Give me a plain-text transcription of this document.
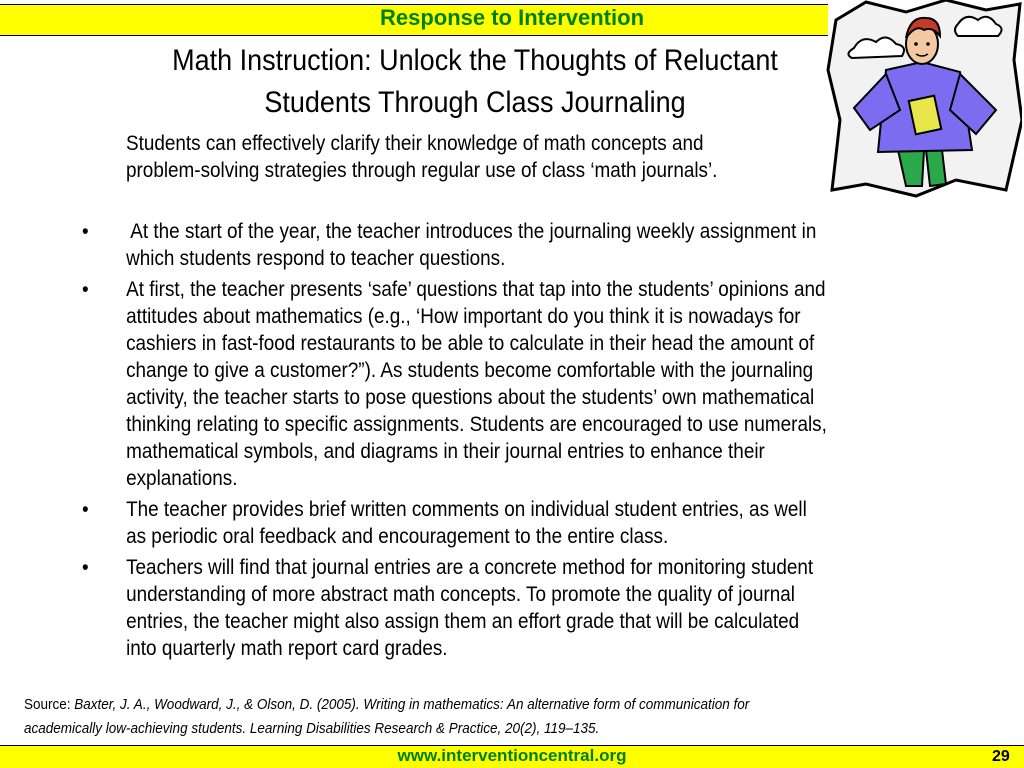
Response to Intervention
Math Instruction: Unlock the Thoughts of Reluctant
Students Through Class Journaling
Students can effectively clarify their knowledge of math concepts and
problem-solving strategies through regular use of class ‘math journals’.
• At the start of the year, the teacher introduces the journaling weekly assignment in
which students respond to teacher questions.
• At first, the teacher presents ‘safe’ questions that tap into the students’ opinions and
attitudes about mathematics (e.g., ‘How important do you think it is nowadays for
cashiers in fast-food restaurants to be able to calculate in their head the amount of
change to give a customer?”). As students become comfortable with the journaling
activity, the teacher starts to pose questions about the students’ own mathematical
thinking relating to specific assignments. Students are encouraged to use numerals,
mathematical symbols, and diagrams in their journal entries to enhance their
explanations.
• The teacher provides brief written comments on individual student entries, as well
as periodic oral feedback and encouragement to the entire class.
• Teachers will find that journal entries are a concrete method for monitoring student
understanding of more abstract math concepts. To promote the quality of journal
entries, the teacher might also assign them an effort grade that will be calculated
into quarterly math report card grades.
Source: Baxter, J. A., Woodward, J., & Olson, D. (2005). Writing in mathematics: An alternative form of communication for
academically low-achieving students. Learning Disabilities Research & Practice, 20(2), 119–135.
www.interventioncentral.org	29
